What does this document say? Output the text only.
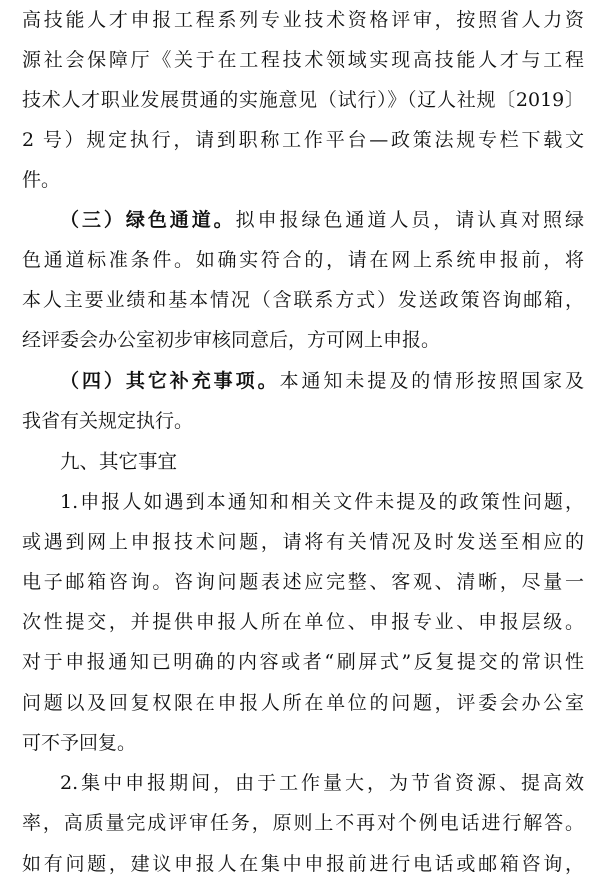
高技能人才申报工程系列专业技术资格评审，按照省人力资
源社会保障厅《关于在工程技术领域实现高技能人才与工程
技术人才职业发展贯通的实施意见（试行）》（辽人社规〔2019〕
2 号）规定执行，请到职称工作平台—政策法规专栏下载文
件。
（三）绿色通道。拟申报绿色通道人员，请认真对照绿
色通道标准条件。如确实符合的，请在网上系统申报前，将
本人主要业绩和基本情况（含联系方式）发送政策咨询邮箱，
经评委会办公室初步审核同意后，方可网上申报。
（四）其它补充事项。本通知未提及的情形按照国家及
我省有关规定执行。
九、其它事宜
1.申报人如遇到本通知和相关文件未提及的政策性问题，
或遇到网上申报技术问题，请将有关情况及时发送至相应的
电子邮箱咨询。咨询问题表述应完整、客观、清晰，尽量一
次性提交，并提供申报人所在单位、申报专业、申报层级。
对于申报通知已明确的内容或者“刷屏式”反复提交的常识性
问题以及回复权限在申报人所在单位的问题，评委会办公室
可不予回复。
2.集中申报期间，由于工作量大，为节省资源、提高效
率，高质量完成评审任务，原则上不再对个例电话进行解答。
如有问题，建议申报人在集中申报前进行电话或邮箱咨询，
